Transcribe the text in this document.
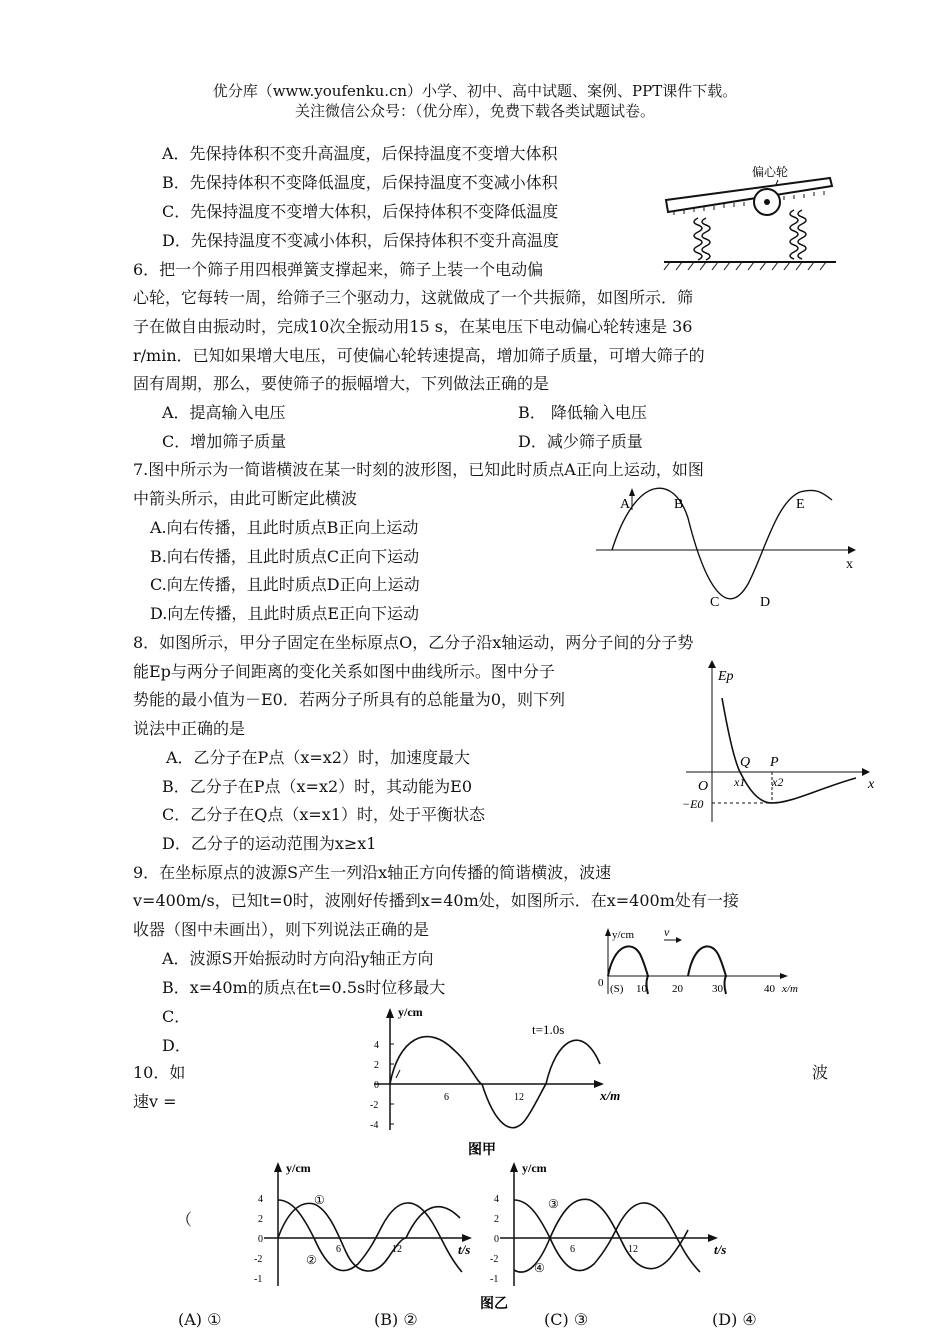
优分库（www.youfenku.cn）小学、初中、高中试题、案例、PPT课件下载。
关注微信公众号：（优分库），免费下载各类试题试卷。
A．先保持体积不变升高温度，后保持温度不变增大体积
B．先保持体积不变降低温度，后保持温度不变减小体积
C．先保持温度不变增大体积，后保持体积不变降低温度
D．先保持温度不变减小体积，后保持体积不变升高温度
偏心轮
6．把一个筛子用四根弹簧支撑起来，筛子上装一个电动偏
心轮，它每转一周，给筛子三个驱动力，这就做成了一个共振筛，如图所示．筛
子在做自由振动时，完成10次全振动用15 s，在某电压下电动偏心轮转速是 36
r/min．已知如果增大电压，可使偏心轮转速提高，增加筛子质量，可增大筛子的
固有周期，那么，要使筛子的振幅增大，下列做法正确的是
A．提高输入电压	B． 降低输入电压
C．增加筛子质量	D．减少筛子质量
7.图中所示为一简谐横波在某一时刻的波形图，已知此时质点A正向上运动，如图
中箭头所示，由此可断定此横波
A.向右传播，且此时质点B正向上运动
B.向右传播，且此时质点C正向下运动
C.向左传播，且此时质点D正向上运动
D.向左传播，且此时质点E正向下运动
A	B
C	D
E
x
8．如图所示，甲分子固定在坐标原点O，乙分子沿x轴运动，两分子间的分子势
能Ep与两分子间距离的变化关系如图中曲线所示。图中分子
势能的最小值为－E0．若两分子所具有的总能量为0，则下列
说法中正确的是
A．乙分子在P点（x=x2）时，加速度最大
B．乙分子在P点（x=x2）时，其动能为E0
C．乙分子在Q点（x=x1）时，处于平衡状态
D．乙分子的运动范围为x≥x1
Ep
O
Q P
x1 x2	x
−E0
9．在坐标原点的波源S产生一列沿x轴正方向传播的简谐横波，波速
v=400m/s，已知t=0时，波刚好传播到x=40m处，如图所示．在x=400m处有一接
收器（图中未画出），则下列说法正确的是
A．波源S开始振动时方向沿y轴正方向
B．x=40m的质点在t=0.5s时位移最大
C．
D．
y/cm	v
0 (S) 10 20	30	40 x/m
10．如
速v =
波
（
y/cm
t=1.0s
4
2
0
-2
-4
6	12	x/m
图甲
y/cm
4
2
0
-2
-1
6	12	t/s
①
②
y/cm
4
2
0
-2
-1
6	12	t/s
③
④
图乙
(A) ①	(B) ②	(C) ③	(D) ④
